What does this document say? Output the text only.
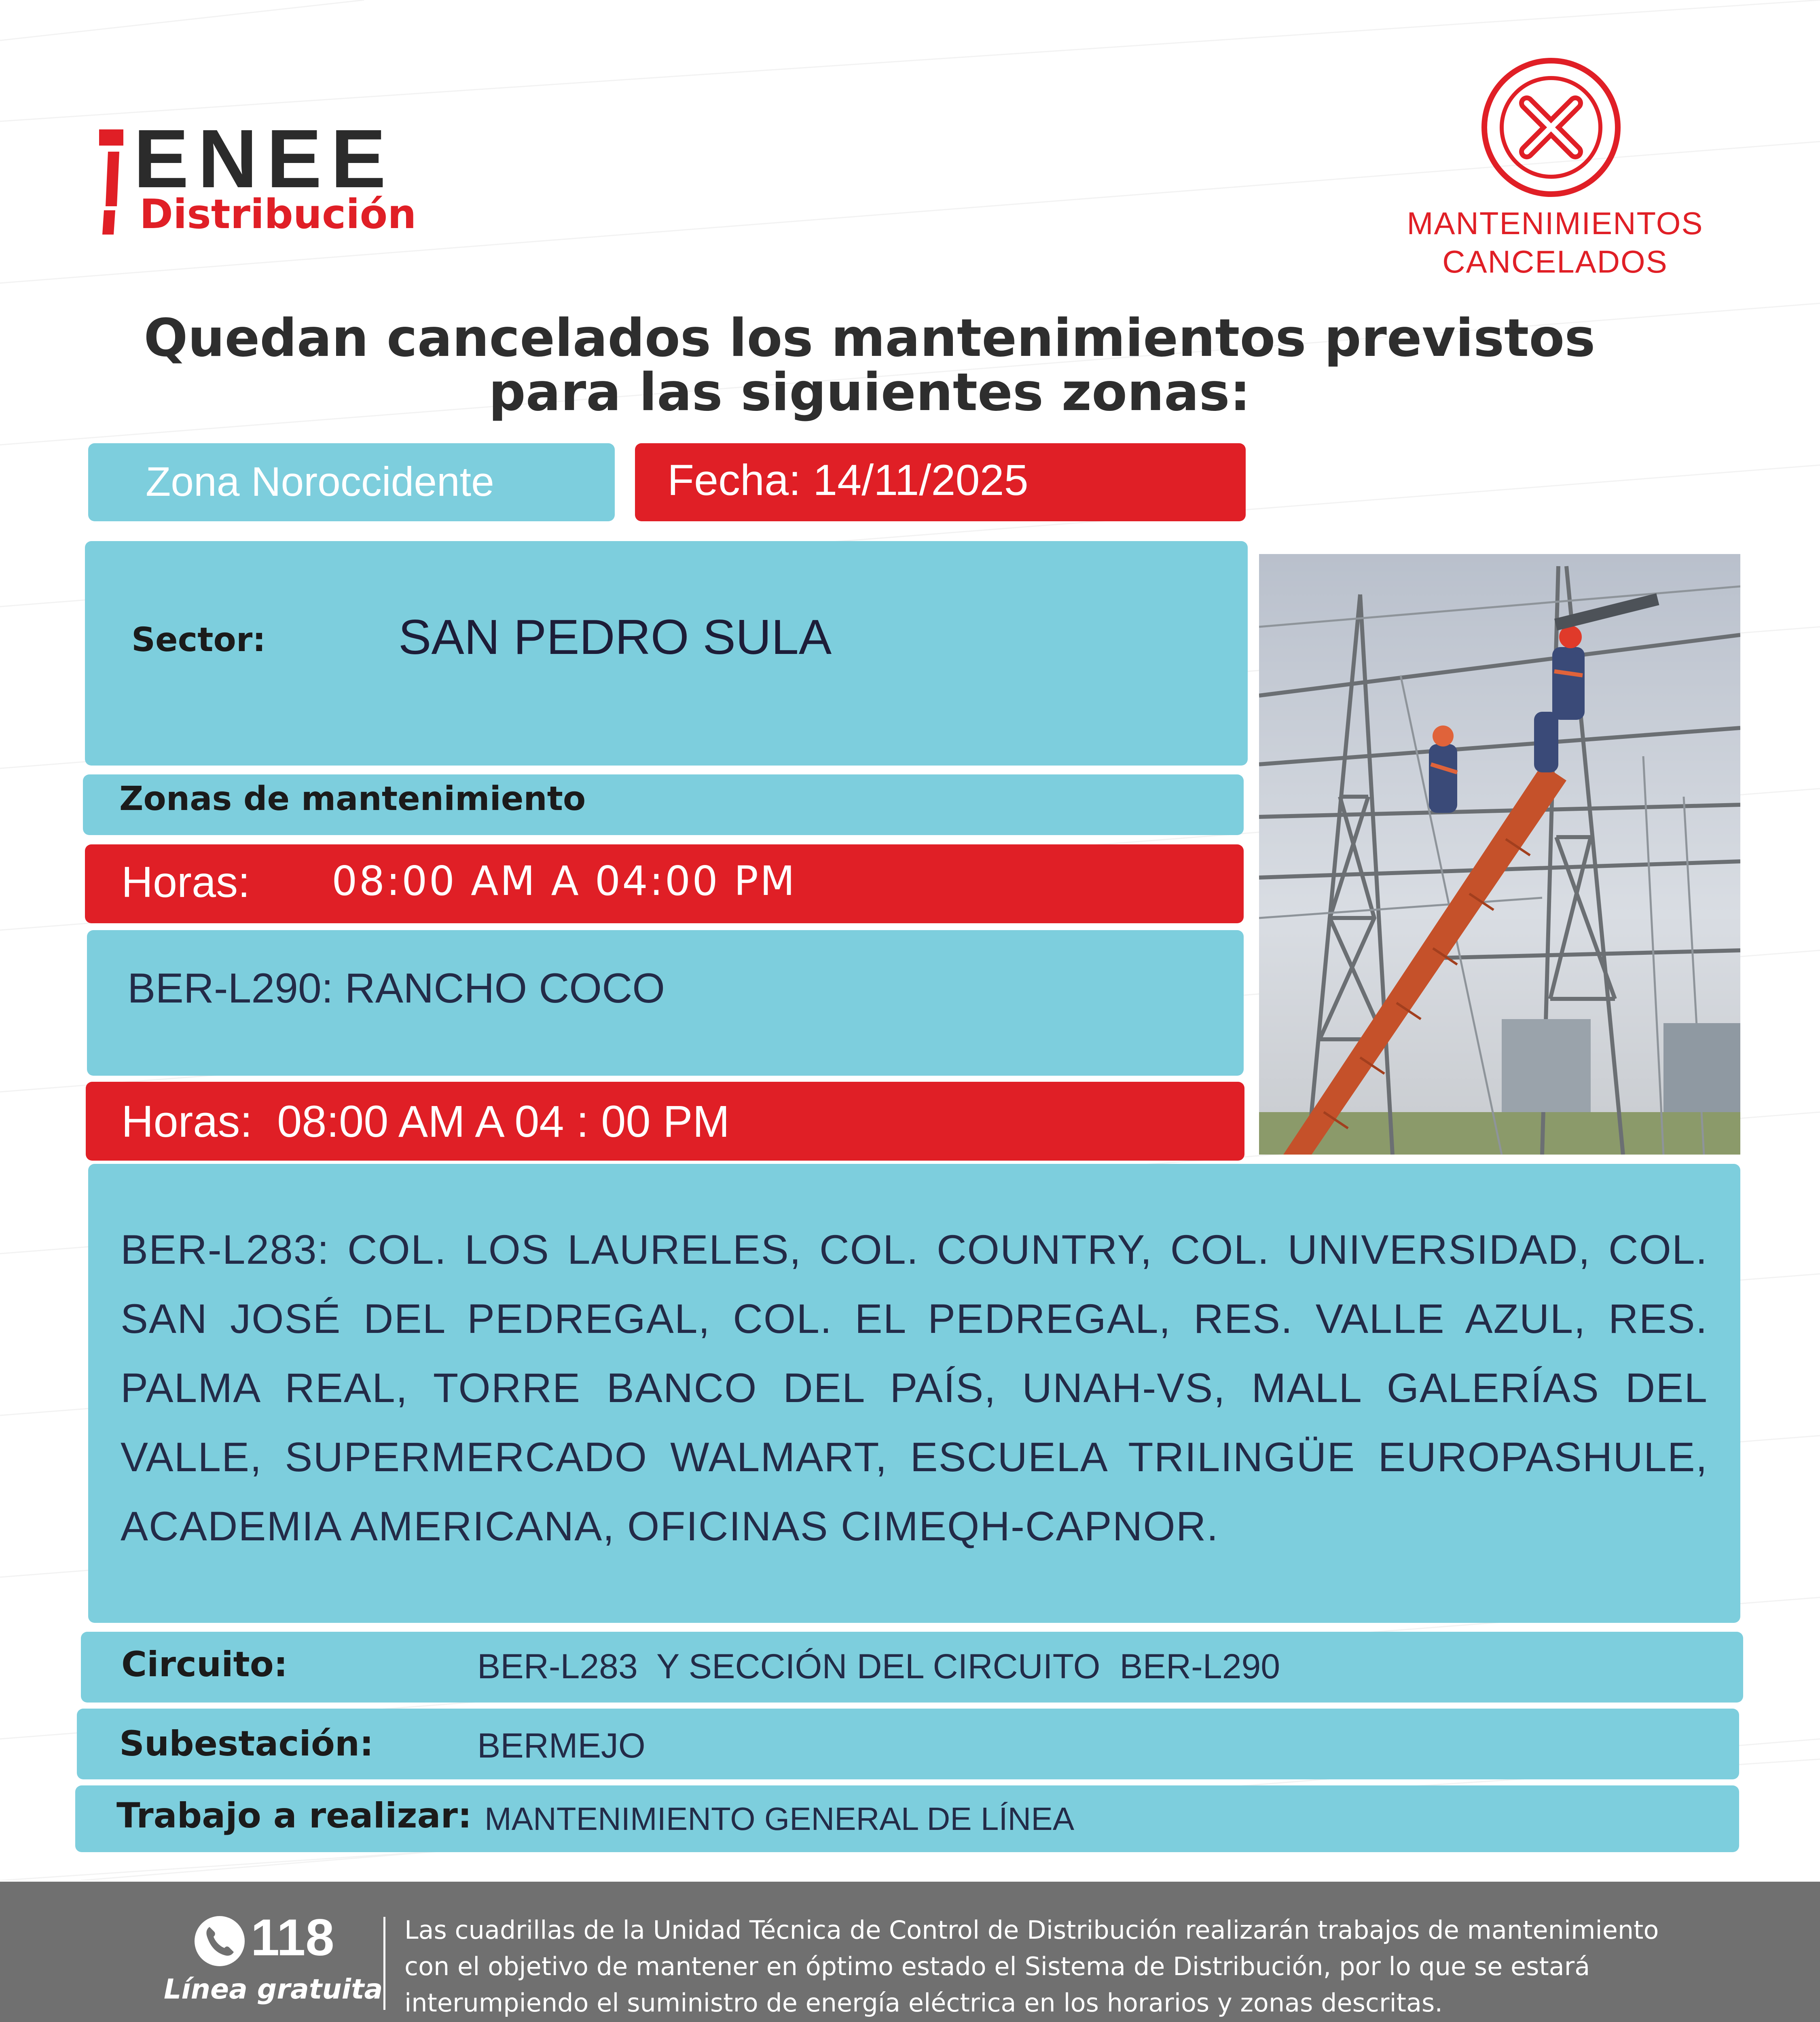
ENEE
Distribución	MANTENIMIENTOS
CANCELADOS
Quedan cancelados los mantenimientos previstos
para las siguientes zonas:
Zona Noroccidente	Fecha: 14/11/2025
Sector:	SAN PEDRO SULA
Zonas de mantenimiento
Horas: 08:00 AM A 04:00 PM
BER-L290: RANCHO COCO
Horas:  08:00 AM A 04 : 00 PM
BER-L283: COL. LOS LAURELES, COL. COUNTRY, COL. UNIVERSIDAD, COL. SAN JOSÉ DEL PEDREGAL, COL. EL PEDREGAL, RES. VALLE AZUL, RES. PALMA REAL, TORRE BANCO DEL PAÍS, UNAH-VS, MALL GALERÍAS DEL VALLE, SUPERMERCADO WALMART, ESCUELA TRILINGÜE EUROPASHULE, ACADEMIA AMERICANA, OFICINAS CIMEQH-CAPNOR.
Circuito:	BER-L283  Y SECCIÓN DEL CIRCUITO  BER-L290
Subestación:	BERMEJO
Trabajo a realizar: MANTENIMIENTO GENERAL DE LÍNEA
118
Línea gratuita
Las cuadrillas de la Unidad Técnica de Control de Distribución realizarán trabajos de mantenimiento con el objetivo de mantener en óptimo estado el Sistema de Distribución, por lo que se estará interumpiendo el suministro de energía eléctrica en los horarios y zonas descritas.
